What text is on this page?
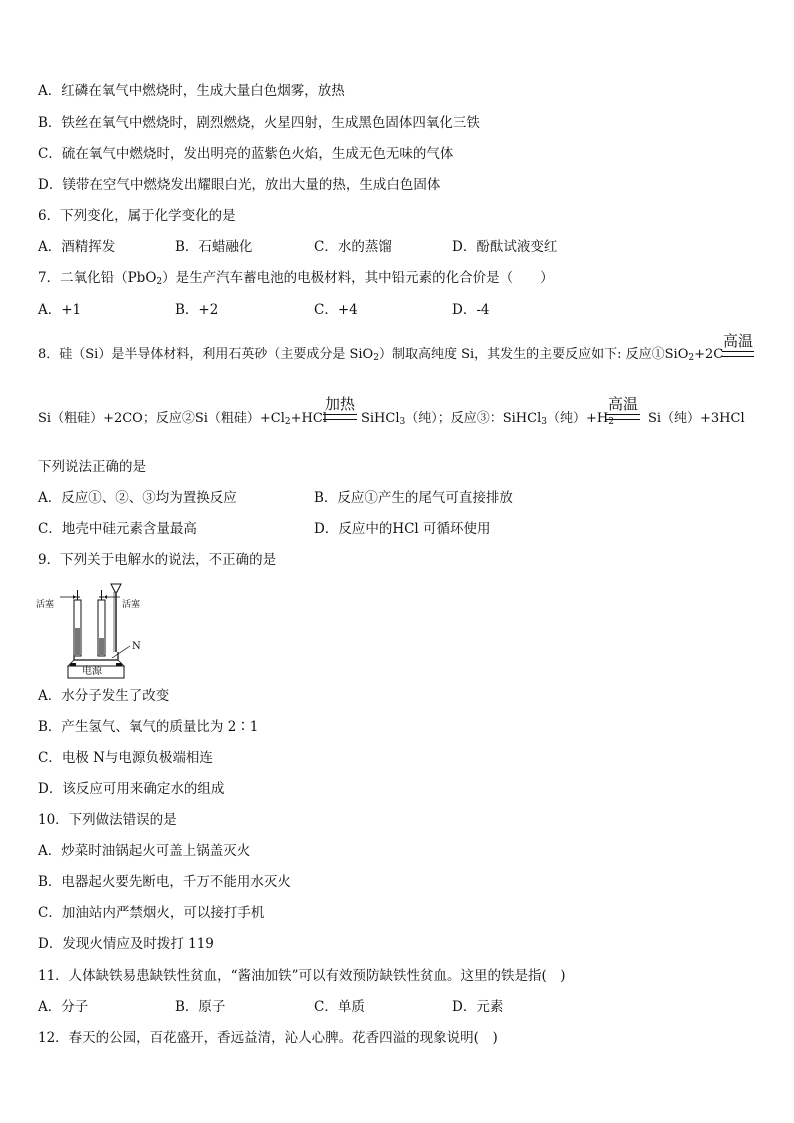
A．红磷在氧气中燃烧时，生成大量白色烟雾，放热
B．铁丝在氧气中燃烧时，剧烈燃烧，火星四射，生成黑色固体四氧化三铁
C．硫在氧气中燃烧时，发出明亮的蓝紫色火焰，生成无色无味的气体
D．镁带在空气中燃烧发出耀眼白光，放出大量的热，生成白色固体
6．下列变化，属于化学变化的是
A．酒精挥发	B．石蜡融化	C．水的蒸馏	D．酚酞试液变红
7．二氧化铅（PbO$_2$）是生产汽车蓄电池的电极材料，其中铅元素的化合价是（　　）
A．+1	B．+2	C．+4	D．-4
8．硅（Si）是半导体材料，利用石英砂（主要成分是 SiO$_2$）制取高纯度 Si，其发生的主要反应如下: 反应①SiO$_2$+2C
高温
Si（粗硅）+2CO；反应②Si（粗硅）$+Cl_2+HCl$	SiHCl$_3$（纯）；反应③：SiHCl$_3$（纯）$+H_2$	Si（纯）+3HCl
加热	高温
下列说法正确的是
A．反应①、②、③均为置换反应	B．反应①产生的尾气可直接排放
C．地壳中硅元素含量最高	D．反应中的HCl 可循环使用
9．下列关于电解水的说法，不正确的是
活塞	活塞
N
电源
A．水分子发生了改变
B．产生氢气、氧气的质量比为 2∶1
C．电极 N与电源负极端相连
D．该反应可用来确定水的组成
10．下列做法错误的是
A．炒菜时油锅起火可盖上锅盖灭火
B．电器起火要先断电，千万不能用水灭火
C．加油站内严禁烟火，可以接打手机
D．发现火情应及时拨打 119
11．人体缺铁易患缺铁性贫血，“酱油加铁”可以有效预防缺铁性贫血。这里的铁是指(　)
A．分子	B．原子	C．单质	D．元素
12．春天的公园，百花盛开，香远益清，沁人心脾。花香四溢的现象说明(　)
